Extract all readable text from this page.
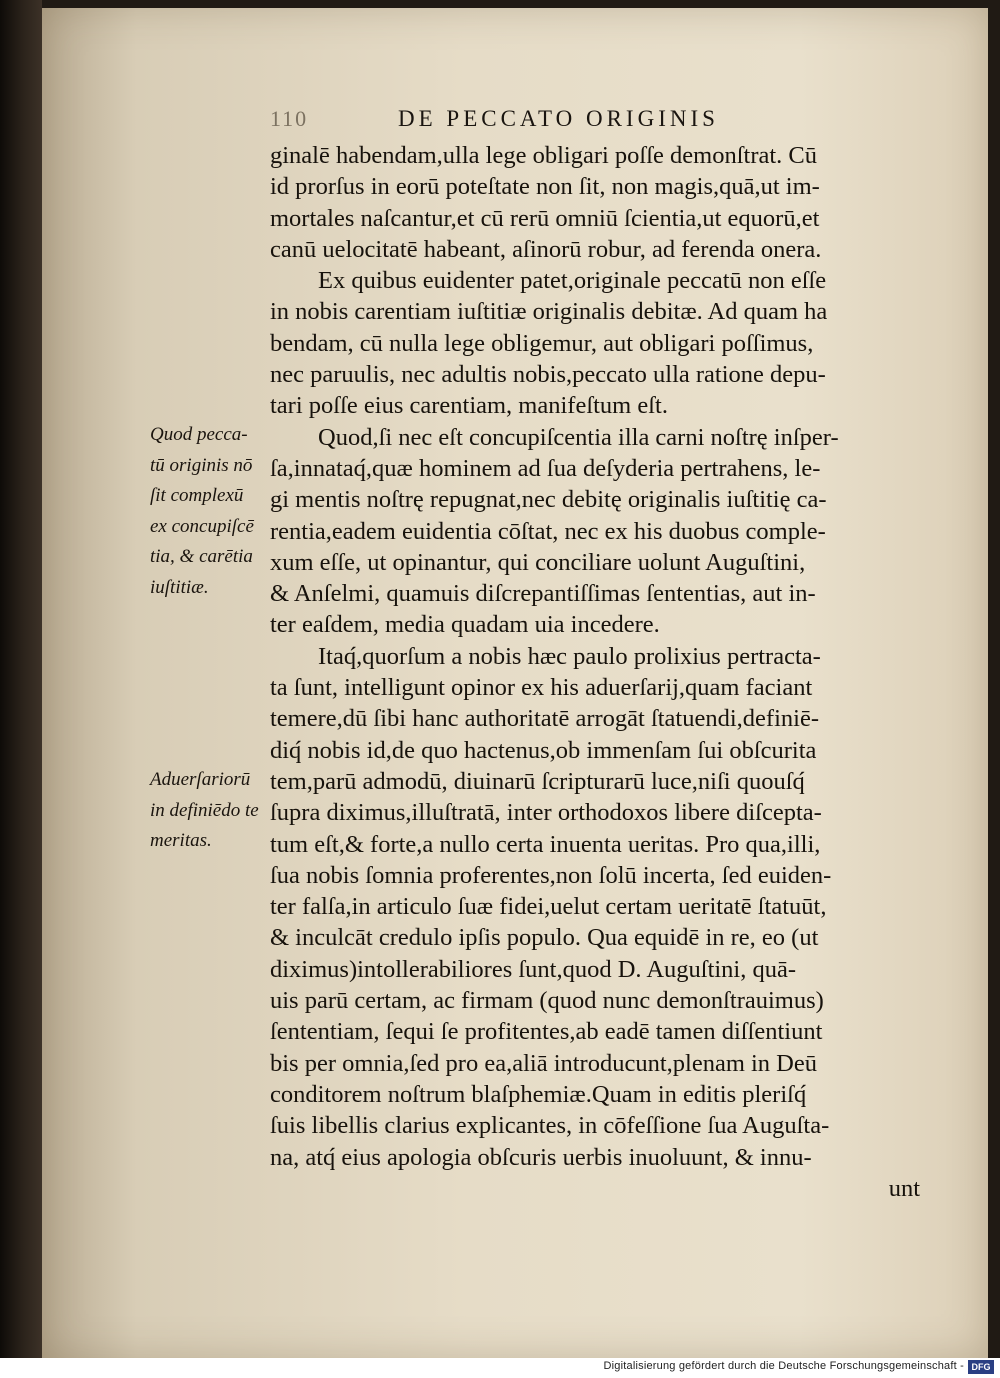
110	DE PECCATO ORIGINIS
ginalē habendam,ulla lege obligari poſſe demonſtrat. Cū
id prorſus in eorū poteſtate non ſit, non magis,quā,ut im-
mortales naſcantur,et cū rerū omniū ſcientia,ut equorū,et
canū uelocitatē habeant, aſinorū robur, ad ferenda onera.
Ex quibus euidenter patet,originale peccatū non eſſe
in nobis carentiam iuſtitiæ originalis debitæ. Ad quam ha
bendam, cū nulla lege obligemur, aut obligari poſſimus,
nec paruulis, nec adultis nobis,peccato ulla ratione depu-
tari poſſe eius carentiam, manifeſtum eſt.
Quod,ſi nec eſt concupiſcentia illa carni noſtrę inſper-
ſa,innataq́,quæ hominem ad ſua deſyderia pertrahens, le-
gi mentis noſtrę repugnat,nec debitę originalis iuſtitię ca-
rentia,eadem euidentia cōſtat, nec ex his duobus comple-
xum eſſe, ut opinantur, qui conciliare uolunt Auguſtini,
& Anſelmi, quamuis diſcrepantiſſimas ſententias, aut in-
ter eaſdem, media quadam uia incedere.
Itaq́,quorſum a nobis hæc paulo prolixius pertracta-
ta ſunt, intelligunt opinor ex his aduerſarij,quam faciant
temere,dū ſibi hanc authoritatē arrogāt ſtatuendi,definiē-
diq́ nobis id,de quo hactenus,ob immenſam ſui obſcurita
tem,parū admodū, diuinarū ſcripturarū luce,niſi quouſq́
ſupra diximus,illuſtratā, inter orthodoxos libere diſcepta-
tum eſt,& forte,a nullo certa inuenta ueritas. Pro qua,illi,
ſua nobis ſomnia proferentes,non ſolū incerta, ſed euiden-
ter falſa,in articulo ſuæ fidei,uelut certam ueritatē ſtatuūt,
& inculcāt credulo ipſis populo. Qua equidē in re, eo (ut
diximus)intollerabiliores ſunt,quod D. Auguſtini, quā-
uis parū certam, ac firmam (quod nunc demonſtrauimus)
ſententiam, ſequi ſe profitentes,ab eadē tamen diſſentiunt
bis per omnia,ſed pro ea,aliā introducunt,plenam in Deū
conditorem noſtrum blaſphemiæ.Quam in editis pleriſq́
ſuis libellis clarius explicantes, in cōfeſſione ſua Auguſta-
na, atq́ eius apologia obſcuris uerbis inuoluunt, & innu-
unt
Quod pecca-
tū originis nō
ſit complexū
ex concupiſcē
tia, & carētia
iuſtitiæ.
Aduerſariorū
in definiēdo te
meritas.
Digitalisierung gefördert durch die Deutsche Forschungsgemeinschaft - DFG
